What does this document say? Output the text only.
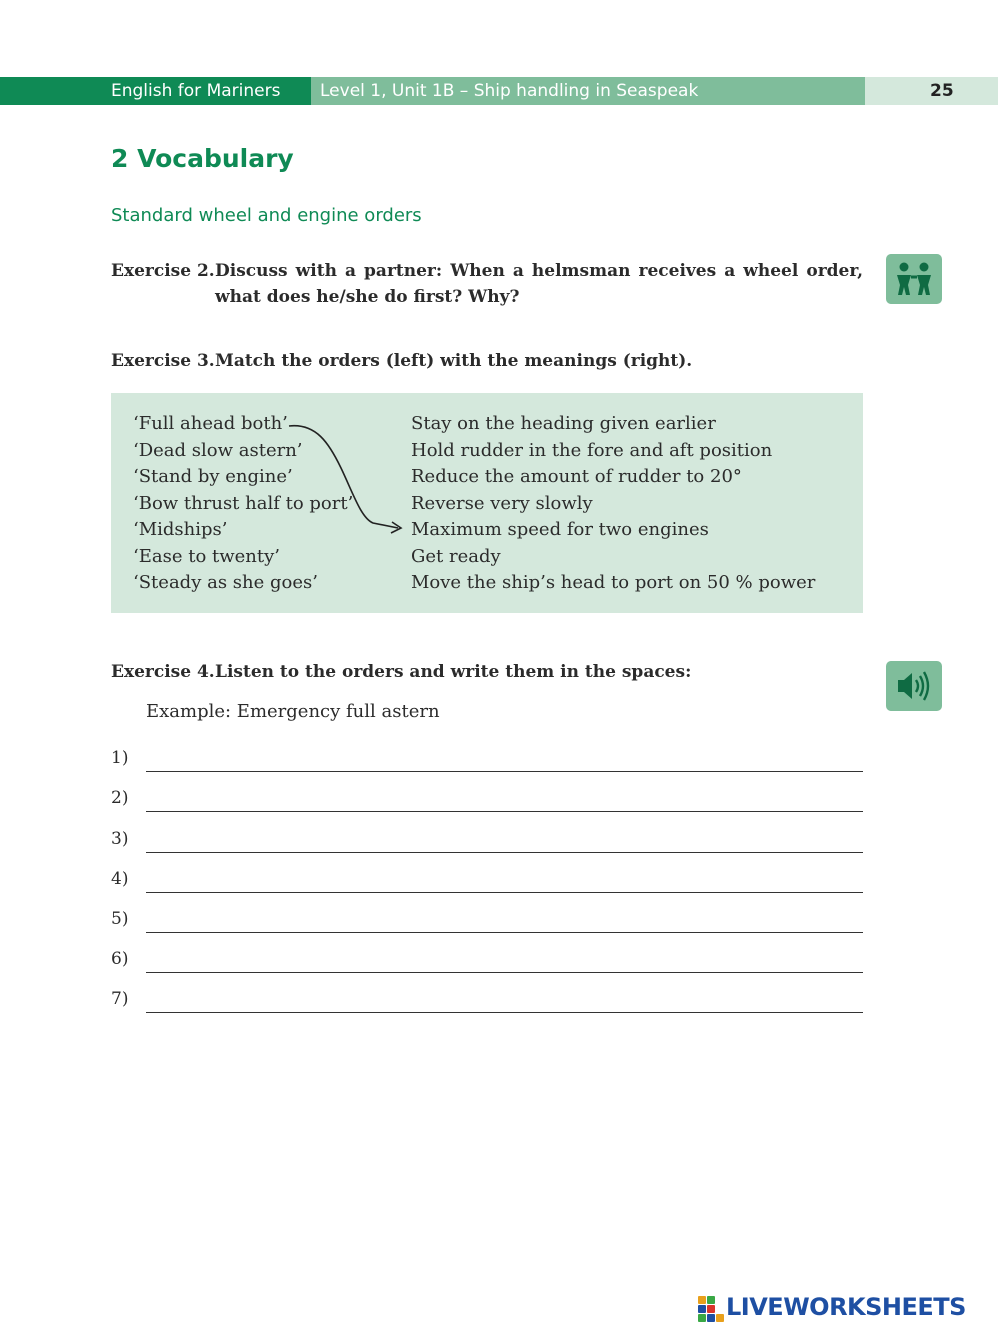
English for Mariners Level 1, Unit 1B – Ship handling in Seaspeak	25
2 Vocabulary
Standard wheel and engine orders
Exercise 2. Discuss with a partner: When a helmsman receives a wheel order, what does he/she do first? Why?
Exercise 3.Match the orders (left) with the meanings (right).
‘Full ahead both’
‘Dead slow astern’
‘Stand by engine’
‘Bow thrust half to port’
‘Midships’
‘Ease to twenty’
‘Steady as she goes’
Stay on the heading given earlier
Hold rudder in the fore and aft position
Reduce the amount of rudder to 20°
Reverse very slowly
Maximum speed for two engines
Get ready
Move the ship’s head to port on 50 % power
Exercise 4.Listen to the orders and write them in the spaces:
Example: Emergency full astern
1)
2)
3)
4)
5)
6)
7)
LIVEWORKSHEETS
